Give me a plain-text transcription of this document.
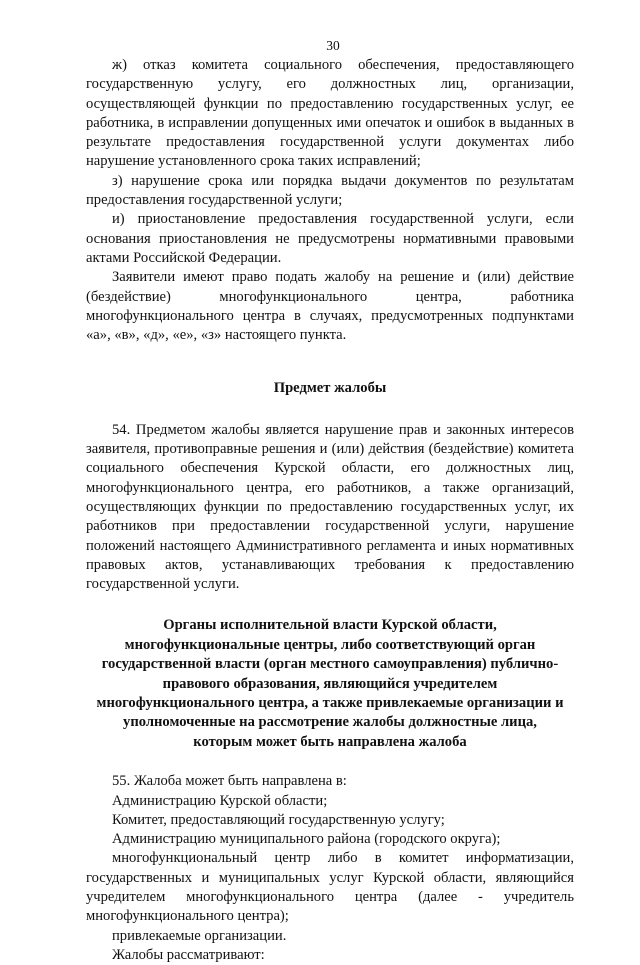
30

ж) отказ комитета социального обеспечения, предоставляющего государственную услугу, его должностных лиц, организации, осуществляющей функции по предоставлению государственных услуг, ее работника, в исправлении допущенных ими опечаток и ошибок в выданных в результате предоставления государственной услуги документах либо нарушение установленного срока таких исправлений;

з) нарушение срока или порядка выдачи документов по результатам предоставления государственной услуги;

и) приостановление предоставления государственной услуги, если основания приостановления не предусмотрены нормативными правовыми актами Российской Федерации.

Заявители имеют право подать жалобу на решение и (или) действие (бездействие) многофункционального центра, работника многофункционального центра в случаях, предусмотренных подпунктами «а», «в», «д», «е», «з» настоящего пункта.

Предмет жалобы

54. Предметом жалобы является нарушение прав и законных интересов заявителя, противоправные решения и (или) действия (бездействие) комитета социального обеспечения Курской области, его должностных лиц, многофункционального центра, его работников, а также организаций, осуществляющих функции по предоставлению государственных услуг, их работников при предоставлении государственной услуги, нарушение положений настоящего Административного регламента и иных нормативных правовых актов, устанавливающих требования к предоставлению государственной услуги.

Органы исполнительной власти Курской области, многофункциональные центры, либо соответствующий орган государственной власти (орган местного самоуправления) публично-правового образования, являющийся учредителем многофункционального центра, а также привлекаемые организации и уполномоченные на рассмотрение жалобы должностные лица, которым может быть направлена жалоба

55. Жалоба может быть направлена в:

Администрацию Курской области;

Комитет, предоставляющий государственную услугу;

Администрацию муниципального района (городского округа);

многофункциональный центр либо в комитет информатизации, государственных и муниципальных услуг Курской области, являющийся учредителем многофункционального центра (далее - учредитель многофункционального центра);

привлекаемые организации.

Жалобы рассматривают:
